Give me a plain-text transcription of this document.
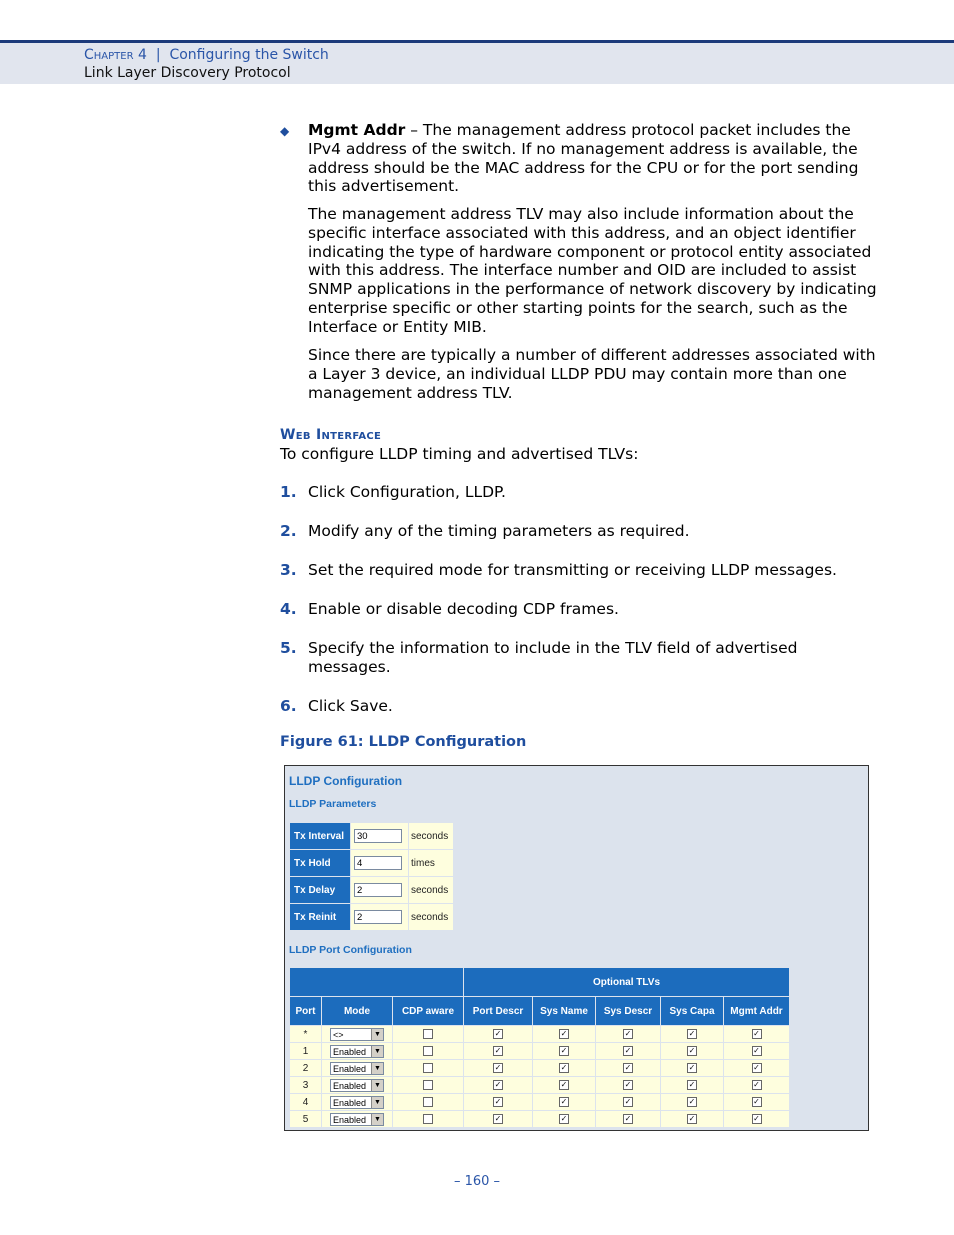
Chapter 4 | Configuring the Switch
Link Layer Discovery Protocol
◆ Mgmt Addr – The management address protocol packet includes the IPv4 address of the switch. If no management address is available, the address should be the MAC address for the CPU or for the port sending this advertisement.
The management address TLV may also include information about the specific interface associated with this address, and an object identifier indicating the type of hardware component or protocol entity associated with this address. The interface number and OID are included to assist SNMP applications in the performance of network discovery by indicating enterprise specific or other starting points for the search, such as the Interface or Entity MIB.
Since there are typically a number of different addresses associated with a Layer 3 device, an individual LLDP PDU may contain more than one management address TLV.
Web Interface
To configure LLDP timing and advertised TLVs:
1. Click Configuration, LLDP.
2. Modify any of the timing parameters as required.
3. Set the required mode for transmitting or receiving LLDP messages.
4. Enable or disable decoding CDP frames.
5. Specify the information to include in the TLV field of advertised messages.
6. Click Save.
Figure 61: LLDP Configuration
LLDP Configuration
LLDP Parameters
Tx Interval	30	seconds
Tx Hold	4	times
Tx Delay	2	seconds
Tx Reinit	2	seconds
LLDP Port Configuration
			Optional TLVs				
Port	Mode	CDP aware	Port Descr	Sys Name	Sys Descr	Sys Capa	Mgmt Addr
*	<> ▼		✓	✓	✓	✓	✓
1	Enabled ▼		✓	✓	✓	✓	✓
2	Enabled ▼		✓	✓	✓	✓	✓
3	Enabled ▼		✓	✓	✓	✓	✓
4	Enabled ▼		✓	✓	✓	✓	✓
5	Enabled ▼		✓	✓	✓	✓	✓
– 160 –
